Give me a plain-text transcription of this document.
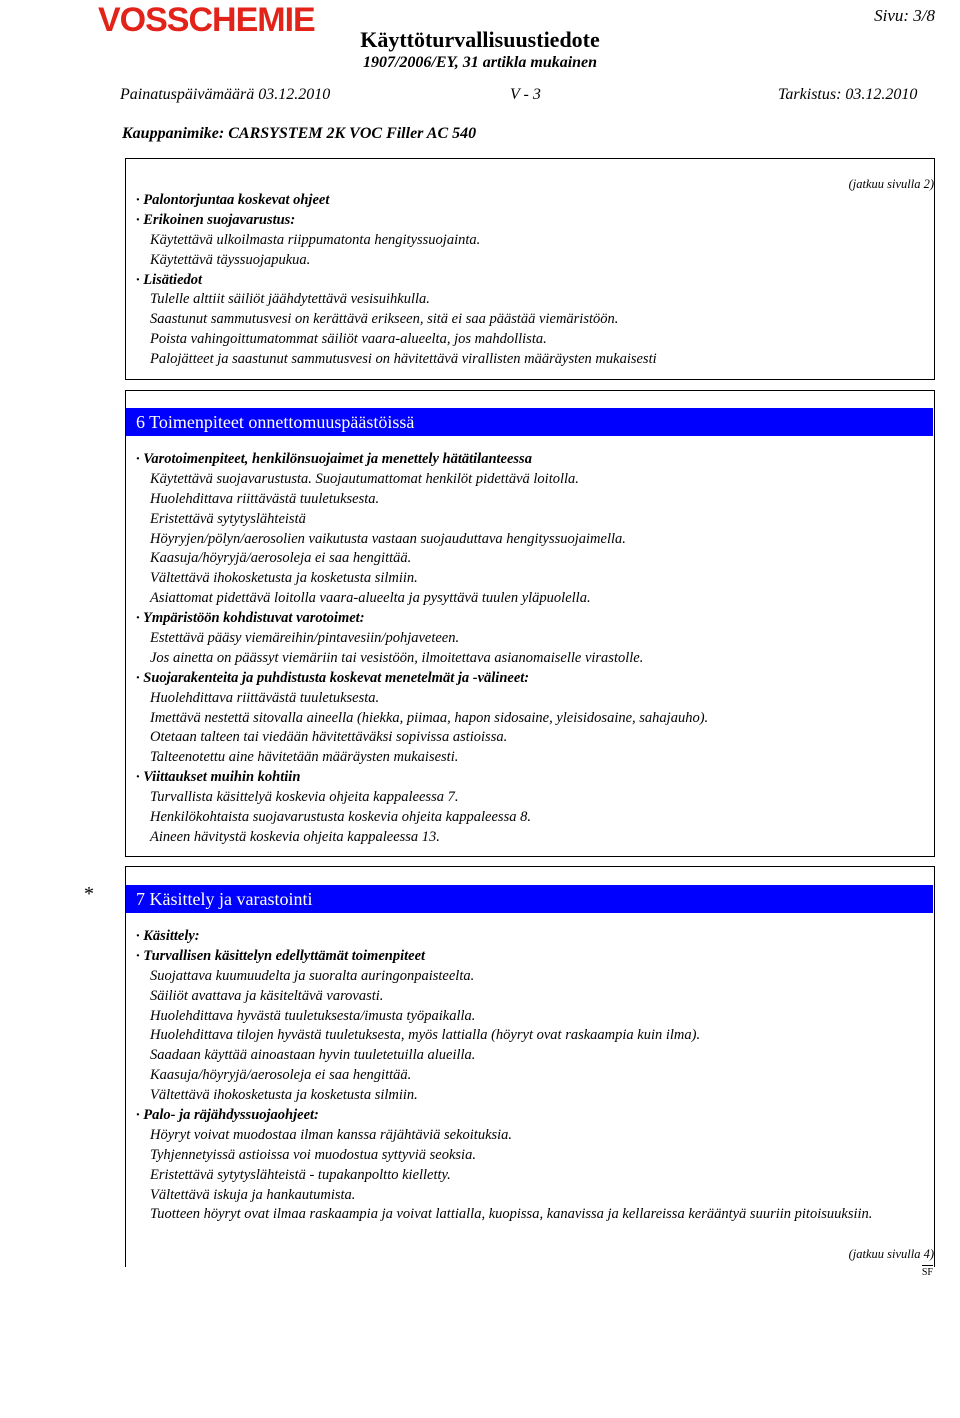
VOSSCHEMIE	Sivu: 3/8
Käyttöturvallisuustiedote
1907/2006/EY, 31 artikla mukainen
Painatuspäivämäärä 03.12.2010	V - 3	Tarkistus: 03.12.2010
Kauppanimike: CARSYSTEM 2K VOC Filler AC 540
(jatkuu sivulla 2)
· Palontorjuntaa koskevat ohjeet
· Erikoinen suojavarustus:
Käytettävä ulkoilmasta riippumatonta hengityssuojainta.
Käytettävä täyssuojapukua.
· Lisätiedot
Tulelle alttiit säiliöt jäähdytettävä vesisuihkulla.
Saastunut sammutusvesi on kerättävä erikseen, sitä ei saa päästää viemäristöön.
Poista vahingoittumatommat säiliöt vaara-alueelta, jos mahdollista.
Palojätteet ja saastunut sammutusvesi on hävitettävä virallisten määräysten mukaisesti
6 Toimenpiteet onnettomuuspäästöissä
· Varotoimenpiteet, henkilönsuojaimet ja menettely hätätilanteessa
Käytettävä suojavarustusta. Suojautumattomat henkilöt pidettävä loitolla.
Huolehdittava riittävästä tuuletuksesta.
Eristettävä sytytyslähteistä
Höyryjen/pölyn/aerosolien vaikutusta vastaan suojauduttava hengityssuojaimella.
Kaasuja/höyryjä/aerosoleja ei saa hengittää.
Vältettävä ihokosketusta ja kosketusta silmiin.
Asiattomat pidettävä loitolla vaara-alueelta ja pysyttävä tuulen yläpuolella.
· Ympäristöön kohdistuvat varotoimet:
Estettävä pääsy viemäreihin/pintavesiin/pohjaveteen.
Jos ainetta on päässyt viemäriin tai vesistöön, ilmoitettava asianomaiselle virastolle.
· Suojarakenteita ja puhdistusta koskevat menetelmät ja -välineet:
Huolehdittava riittävästä tuuletuksesta.
Imettävä nestettä sitovalla aineella (hiekka, piimaa, hapon sidosaine, yleisidosaine, sahajauho).
Otetaan talteen tai viedään hävitettäväksi sopivissa astioissa.
Talteenotettu aine hävitetään määräysten mukaisesti.
· Viittaukset muihin kohtiin
Turvallista käsittelyä koskevia ohjeita kappaleessa 7.
Henkilökohtaista suojavarustusta koskevia ohjeita kappaleessa 8.
Aineen hävitystä koskevia ohjeita kappaleessa 13.
*	7 Käsittely ja varastointi
· Käsittely:
· Turvallisen käsittelyn edellyttämät toimenpiteet
Suojattava kuumuudelta ja suoralta auringonpaisteelta.
Säiliöt avattava ja käsiteltävä varovasti.
Huolehdittava hyvästä tuuletuksesta/imusta työpaikalla.
Huolehdittava tilojen hyvästä tuuletuksesta, myös lattialla (höyryt ovat raskaampia kuin ilma).
Saadaan käyttää ainoastaan hyvin tuuletetuilla alueilla.
Kaasuja/höyryjä/aerosoleja ei saa hengittää.
Vältettävä ihokosketusta ja kosketusta silmiin.
· Palo- ja räjähdyssuojaohjeet:
Höyryt voivat muodostaa ilman kanssa räjähtäviä sekoituksia.
Tyhjennetyissä astioissa voi muodostua syttyviä seoksia.
Eristettävä sytytyslähteistä - tupakanpoltto kielletty.
Vältettävä iskuja ja hankautumista.
Tuotteen höyryt ovat ilmaa raskaampia ja voivat lattialla, kuopissa, kanavissa ja kellareissa kerääntyä suuriin pitoisuuksiin.
(jatkuu sivulla 4)
SF
